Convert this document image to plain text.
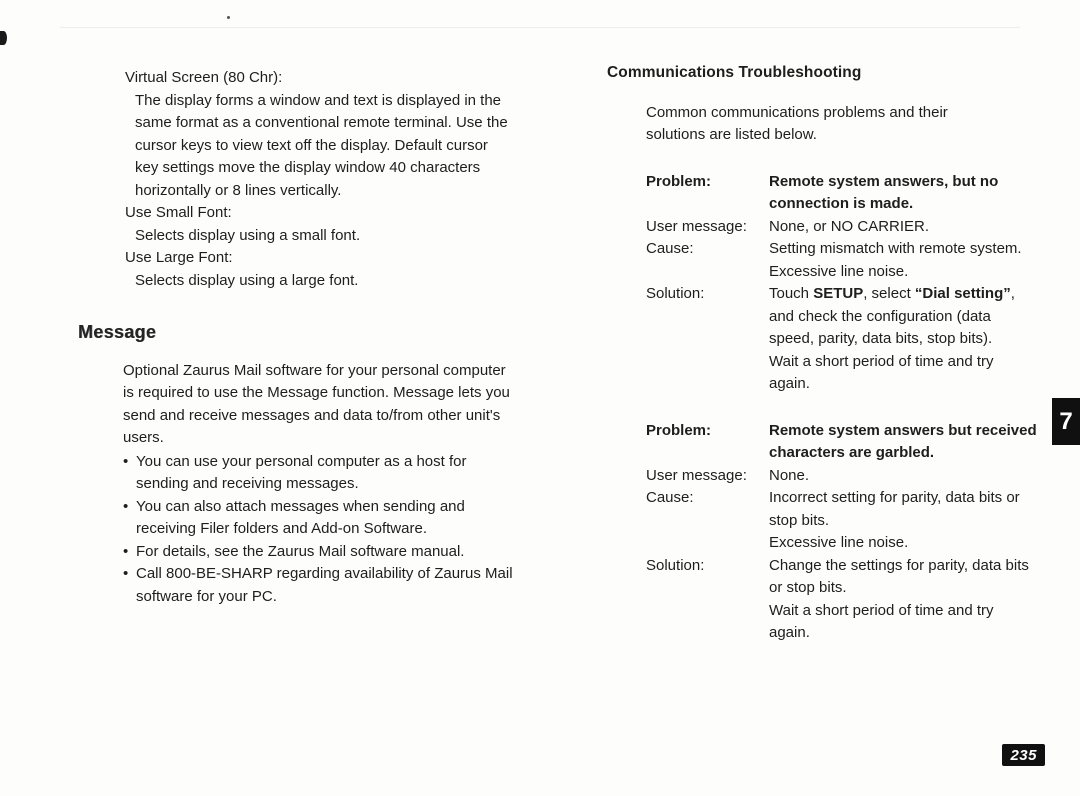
Virtual Screen (80 Chr):
The display forms a window and text is displayed in the same format as a conventional remote terminal. Use the cursor keys to view text off the display. Default cursor key settings move the display window 40 characters horizontally or 8 lines vertically.
Use Small Font:
Selects display using a small font.
Use Large Font:
Selects display using a large font.
Message

Optional Zaurus Mail software for your personal computer is required to use the Message function. Message lets you send and receive messages and data to/from other unit's users.

• You can use your personal computer as a host for sending and receiving messages.
• You can also attach messages when sending and receiving Filer folders and Add-on Software.
• For details, see the Zaurus Mail software manual.
• Call 800-BE-SHARP regarding availability of Zaurus Mail software for your PC.
Communications Troubleshooting

Common communications problems and their solutions are listed below.

Problem:	Remote system answers, but no connection is made.
User message:	None, or NO CARRIER.
Cause:	Setting mismatch with remote system.

Excessive line noise.

Solution:	Touch SETUP, select “Dial setting”, and check the configuration (data speed, parity, data bits, stop bits).

Wait a short period of time and try again.

Problem:	Remote system answers but received characters are garbled.
User message:	None.
Cause:	Incorrect setting for parity, data bits or stop bits.

Excessive line noise.

Solution:	Change the settings for parity, data bits or stop bits.

Wait a short period of time and try again.

7
235
